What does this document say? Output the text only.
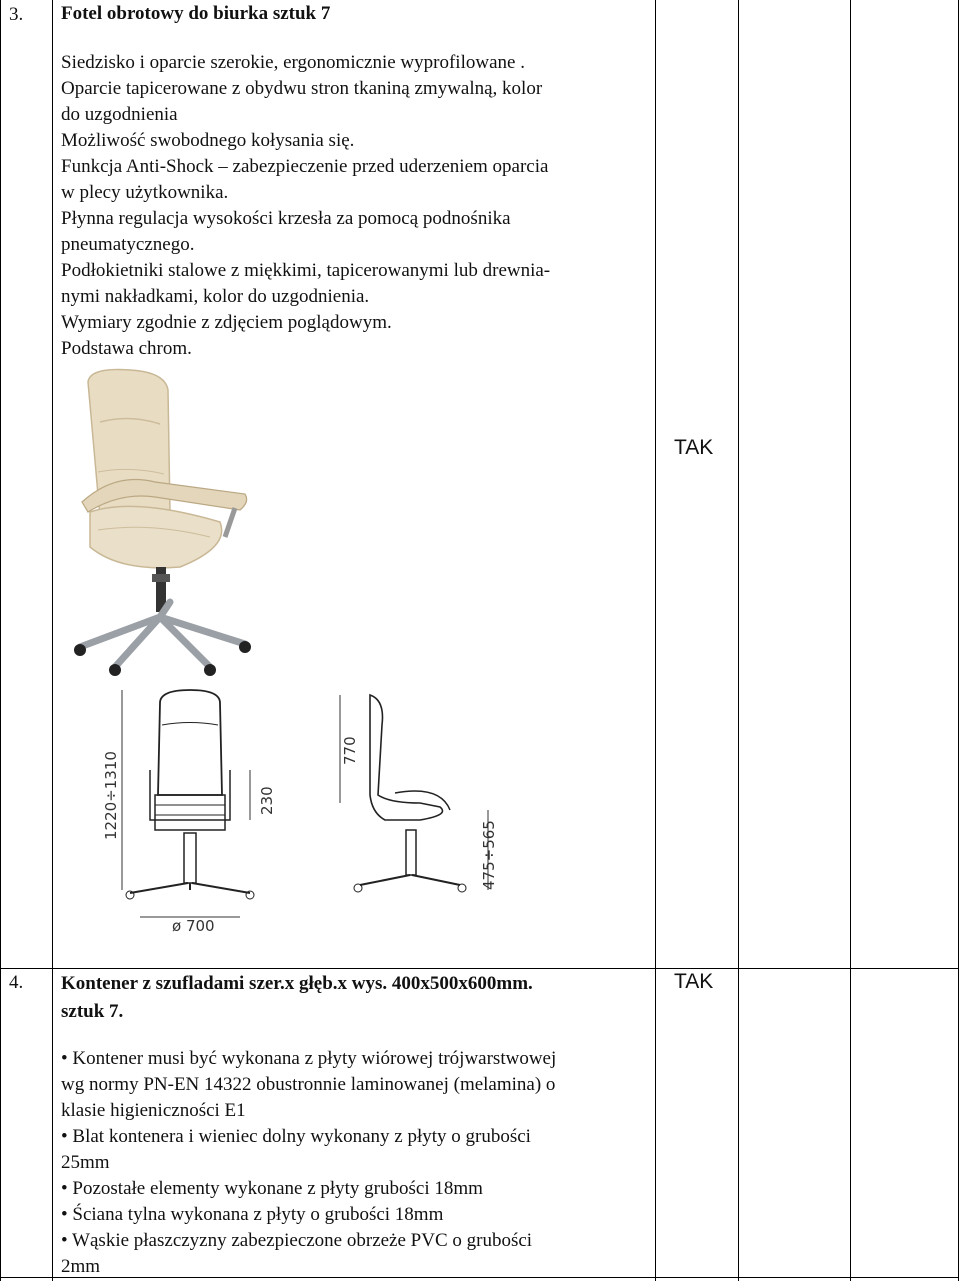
3. Fotel obrotowy do biurka sztuk 7
Siedzisko i oparcie szerokie, ergonomicznie wyprofilowane .
Oparcie tapicerowane z obydwu stron tkaniną zmywalną, kolor
do uzgodnienia
Możliwość swobodnego kołysania się.
Funkcja Anti-Shock – zabezpieczenie przed uderzeniem oparcia
w plecy użytkownika.
Płynna regulacja wysokości krzesła za pomocą podnośnika
pneumatycznego.
Podłokietniki stalowe z miękkimi, tapicerowanymi lub drewnia-
nymi nakładkami, kolor do uzgodnienia.
Wymiary zgodnie z zdjęciem poglądowym.
Podstawa chrom.
1220÷1310	230
ø 700
770
475÷565
TAK
4. Kontener z szufladami szer.x głęb.x wys. 400x500x600mm.
sztuk 7.
• Kontener musi być wykonana z płyty wiórowej trójwarstwowej
wg normy PN-EN 14322 obustronnie laminowanej (melamina) o
klasie higieniczności E1
• Blat kontenera i wieniec dolny wykonany z płyty o grubości
25mm
• Pozostałe elementy wykonane z płyty grubości 18mm
• Ściana tylna wykonana z płyty o grubości 18mm
• Wąskie płaszczyzny zabezpieczone obrzeże PVC o grubości
2mm
TAK
